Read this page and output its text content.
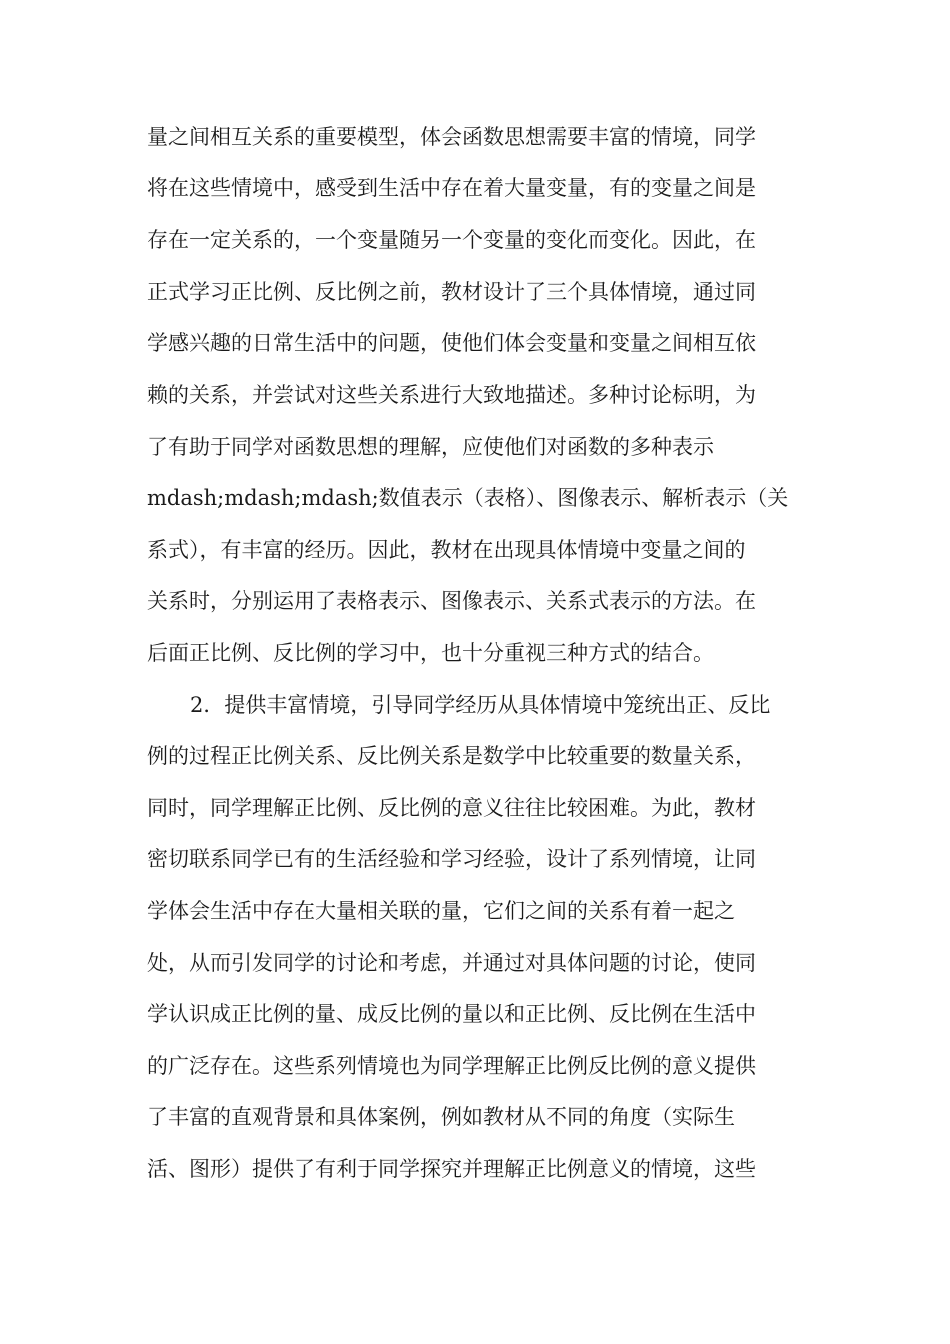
量之间相互关系的重要模型，体会函数思想需要丰富的情境，同学
将在这些情境中，感受到生活中存在着大量变量，有的变量之间是
存在一定关系的，一个变量随另一个变量的变化而变化。因此，在
正式学习正比例、反比例之前，教材设计了三个具体情境，通过同
学感兴趣的日常生活中的问题，使他们体会变量和变量之间相互依
赖的关系，并尝试对这些关系进行大致地描述。多种讨论标明，为
了有助于同学对函数思想的理解，应使他们对函数的多种表示
mdash;mdash;mdash;数值表示（表格）、图像表示、解析表示（关
系式），有丰富的经历。因此，教材在出现具体情境中变量之间的
关系时，分别运用了表格表示、图像表示、关系式表示的方法。在
后面正比例、反比例的学习中，也十分重视三种方式的结合。
2．提供丰富情境，引导同学经历从具体情境中笼统出正、反比
例的过程正比例关系、反比例关系是数学中比较重要的数量关系，
同时，同学理解正比例、反比例的意义往往比较困难。为此，教材
密切联系同学已有的生活经验和学习经验，设计了系列情境，让同
学体会生活中存在大量相关联的量，它们之间的关系有着一起之
处，从而引发同学的讨论和考虑，并通过对具体问题的讨论，使同
学认识成正比例的量、成反比例的量以和正比例、反比例在生活中
的广泛存在。这些系列情境也为同学理解正比例反比例的意义提供
了丰富的直观背景和具体案例，例如教材从不同的角度（实际生
活、图形）提供了有利于同学探究并理解正比例意义的情境，这些
